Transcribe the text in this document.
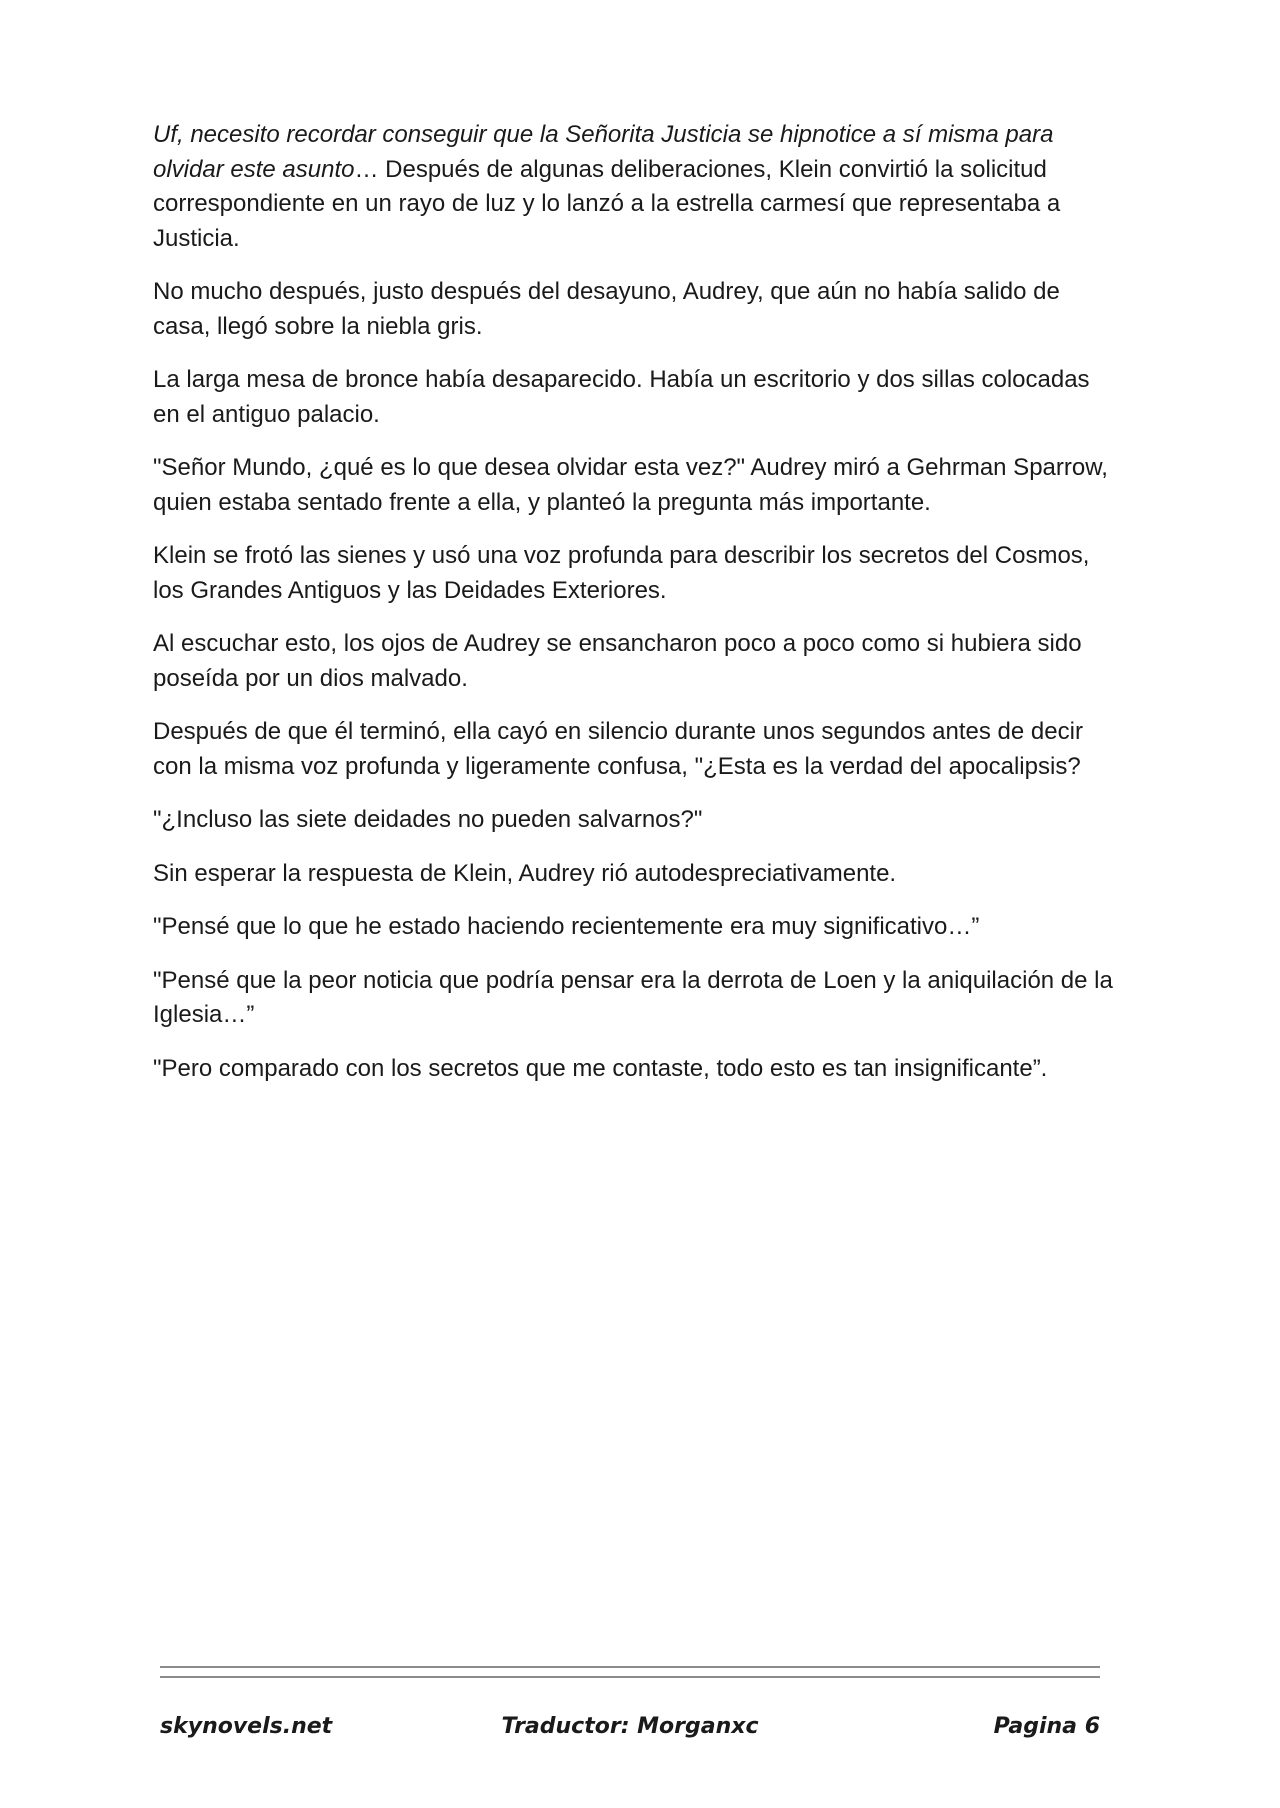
Uf, necesito recordar conseguir que la Señorita Justicia se hipnotice a sí misma para olvidar este asunto… Después de algunas deliberaciones, Klein convirtió la solicitud correspondiente en un rayo de luz y lo lanzó a la estrella carmesí que representaba a Justicia.

No mucho después, justo después del desayuno, Audrey, que aún no había salido de casa, llegó sobre la niebla gris.

La larga mesa de bronce había desaparecido. Había un escritorio y dos sillas colocadas en el antiguo palacio.

"Señor Mundo, ¿qué es lo que desea olvidar esta vez?" Audrey miró a Gehrman Sparrow, quien estaba sentado frente a ella, y planteó la pregunta más importante.

Klein se frotó las sienes y usó una voz profunda para describir los secretos del Cosmos, los Grandes Antiguos y las Deidades Exteriores.

Al escuchar esto, los ojos de Audrey se ensancharon poco a poco como si hubiera sido poseída por un dios malvado.

Después de que él terminó, ella cayó en silencio durante unos segundos antes de decir con la misma voz profunda y ligeramente confusa, "¿Esta es la verdad del apocalipsis?

"¿Incluso las siete deidades no pueden salvarnos?"

Sin esperar la respuesta de Klein, Audrey rió autodespreciativamente.

"Pensé que lo que he estado haciendo recientemente era muy significativo…”

"Pensé que la peor noticia que podría pensar era la derrota de Loen y la aniquilación de la Iglesia…”

"Pero comparado con los secretos que me contaste, todo esto es tan insignificante”.

skynovels.net	Traductor: Morganxc	Pagina 6
